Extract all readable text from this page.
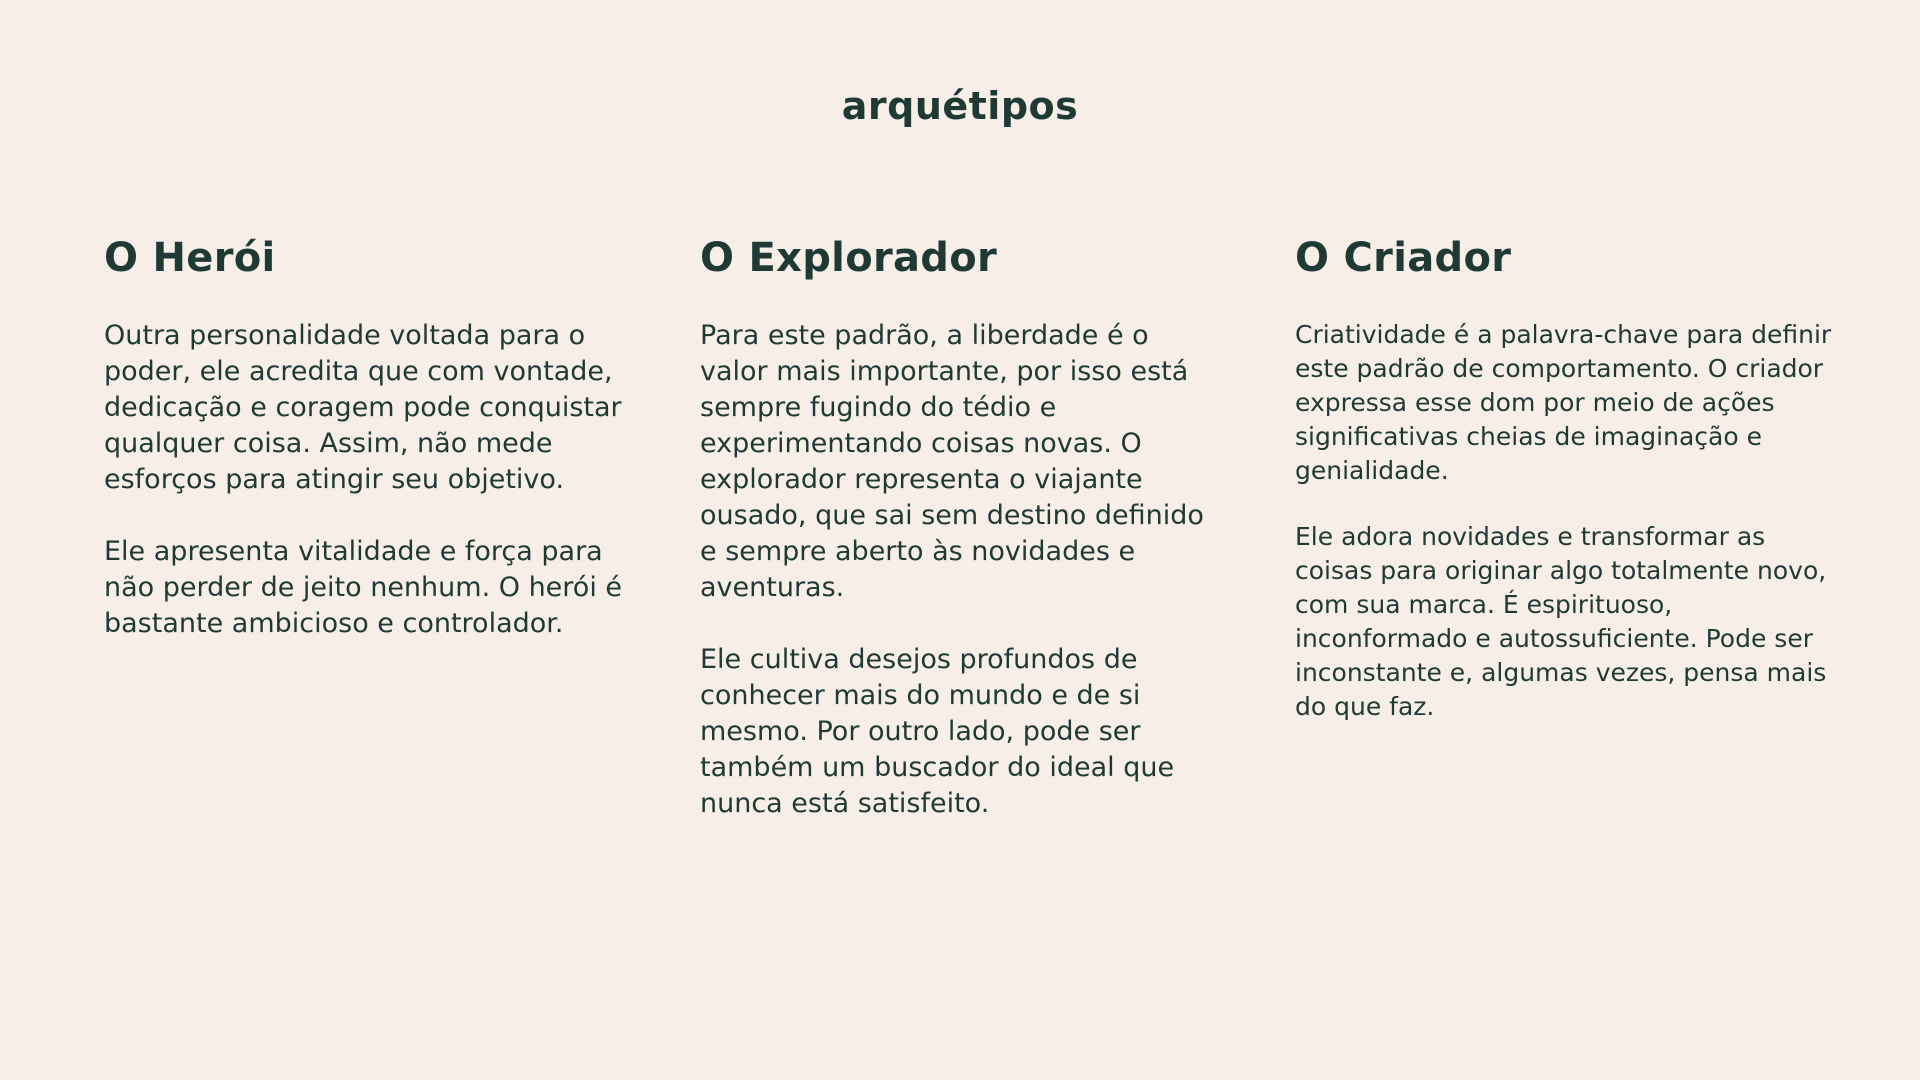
arquétipos
O Herói

Outra personalidade voltada para o poder, ele acredita que com vontade, dedicação e coragem pode conquistar qualquer coisa. Assim, não mede esforços para atingir seu objetivo.

Ele apresenta vitalidade e força para não perder de jeito nenhum. O herói é bastante ambicioso e controlador.

O Explorador

Para este padrão, a liberdade é o valor mais importante, por isso está sempre fugindo do tédio e experimentando coisas novas. O explorador representa o viajante ousado, que sai sem destino definido e sempre aberto às novidades e aventuras.

Ele cultiva desejos profundos de conhecer mais do mundo e de si mesmo. Por outro lado, pode ser também um buscador do ideal que nunca está satisfeito.

O Criador

Criatividade é a palavra-chave para definir este padrão de comportamento. O criador expressa esse dom por meio de ações significativas cheias de imaginação e genialidade.

Ele adora novidades e transformar as coisas para originar algo totalmente novo, com sua marca. É espirituoso, inconformado e autossuficiente. Pode ser inconstante e, algumas vezes, pensa mais do que faz.
